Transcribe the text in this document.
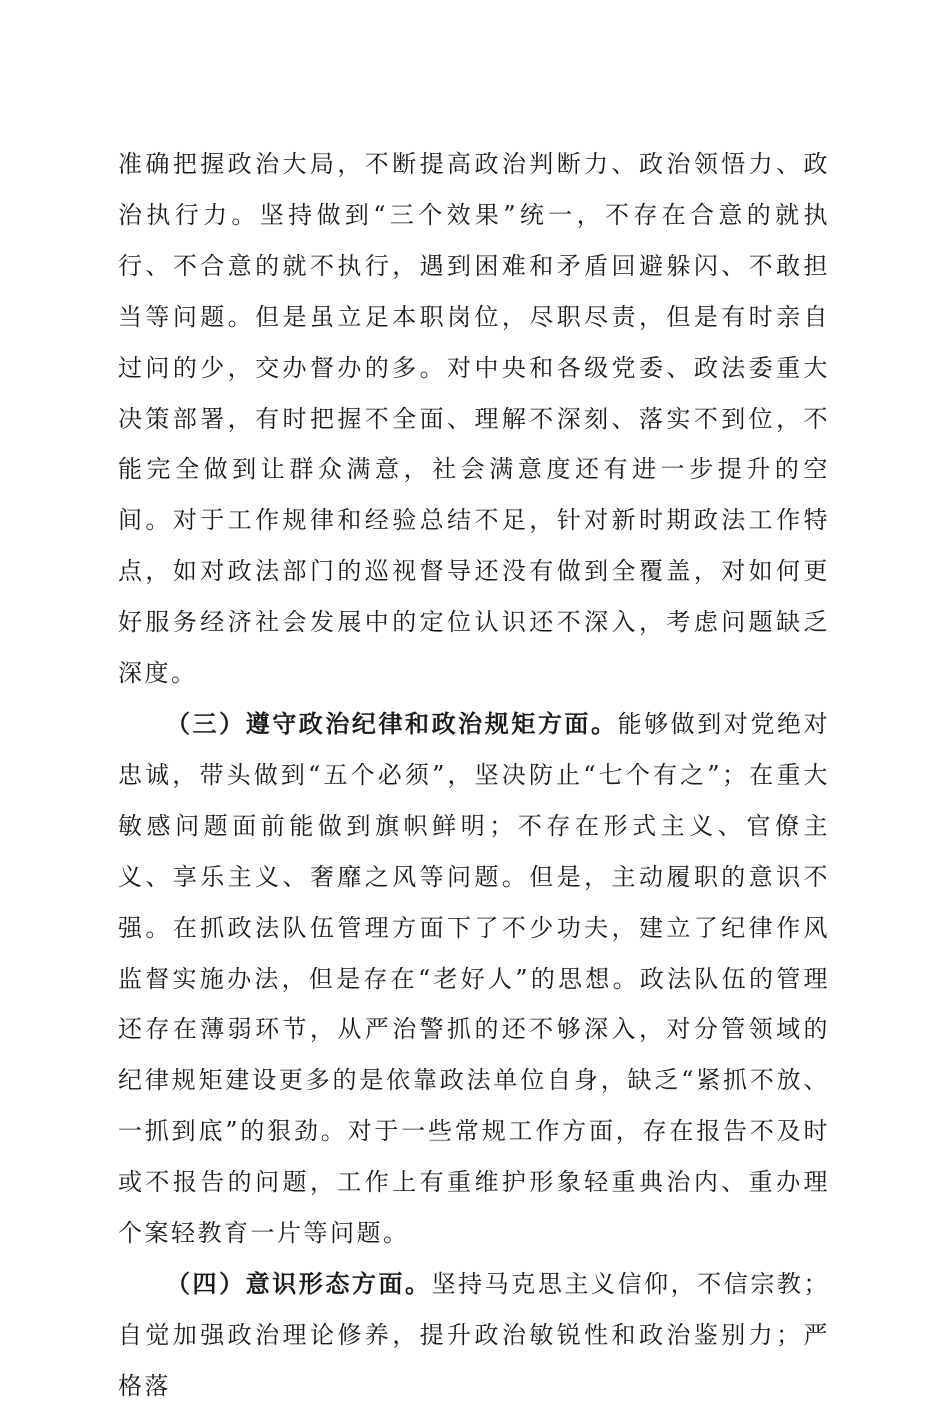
准确把握政治大局，不断提高政治判断力、政治领悟力、政治执行力。坚持做到“三个效果”统一，不存在合意的就执行、不合意的就不执行，遇到困难和矛盾回避躲闪、不敢担当等问题。但是虽立足本职岗位，尽职尽责，但是有时亲自过问的少，交办督办的多。对中央和各级党委、政法委重大决策部署，有时把握不全面、理解不深刻、落实不到位，不能完全做到让群众满意，社会满意度还有进一步提升的空间。对于工作规律和经验总结不足，针对新时期政法工作特点，如对政法部门的巡视督导还没有做到全覆盖，对如何更好服务经济社会发展中的定位认识还不深入，考虑问题缺乏深度。

（三）遵守政治纪律和政治规矩方面。能够做到对党绝对忠诚，带头做到“五个必须”，坚决防止“七个有之”；在重大敏感问题面前能做到旗帜鲜明；不存在形式主义、官僚主义、享乐主义、奢靡之风等问题。但是，主动履职的意识不强。在抓政法队伍管理方面下了不少功夫，建立了纪律作风监督实施办法，但是存在“老好人”的思想。政法队伍的管理还存在薄弱环节，从严治警抓的还不够深入，对分管领域的纪律规矩建设更多的是依靠政法单位自身，缺乏“紧抓不放、一抓到底”的狠劲。对于一些常规工作方面，存在报告不及时或不报告的问题，工作上有重维护形象轻重典治内、重办理个案轻教育一片等问题。

（四）意识形态方面。坚持马克思主义信仰，不信宗教；自觉加强政治理论修养，提升政治敏锐性和政治鉴别力；严格落
